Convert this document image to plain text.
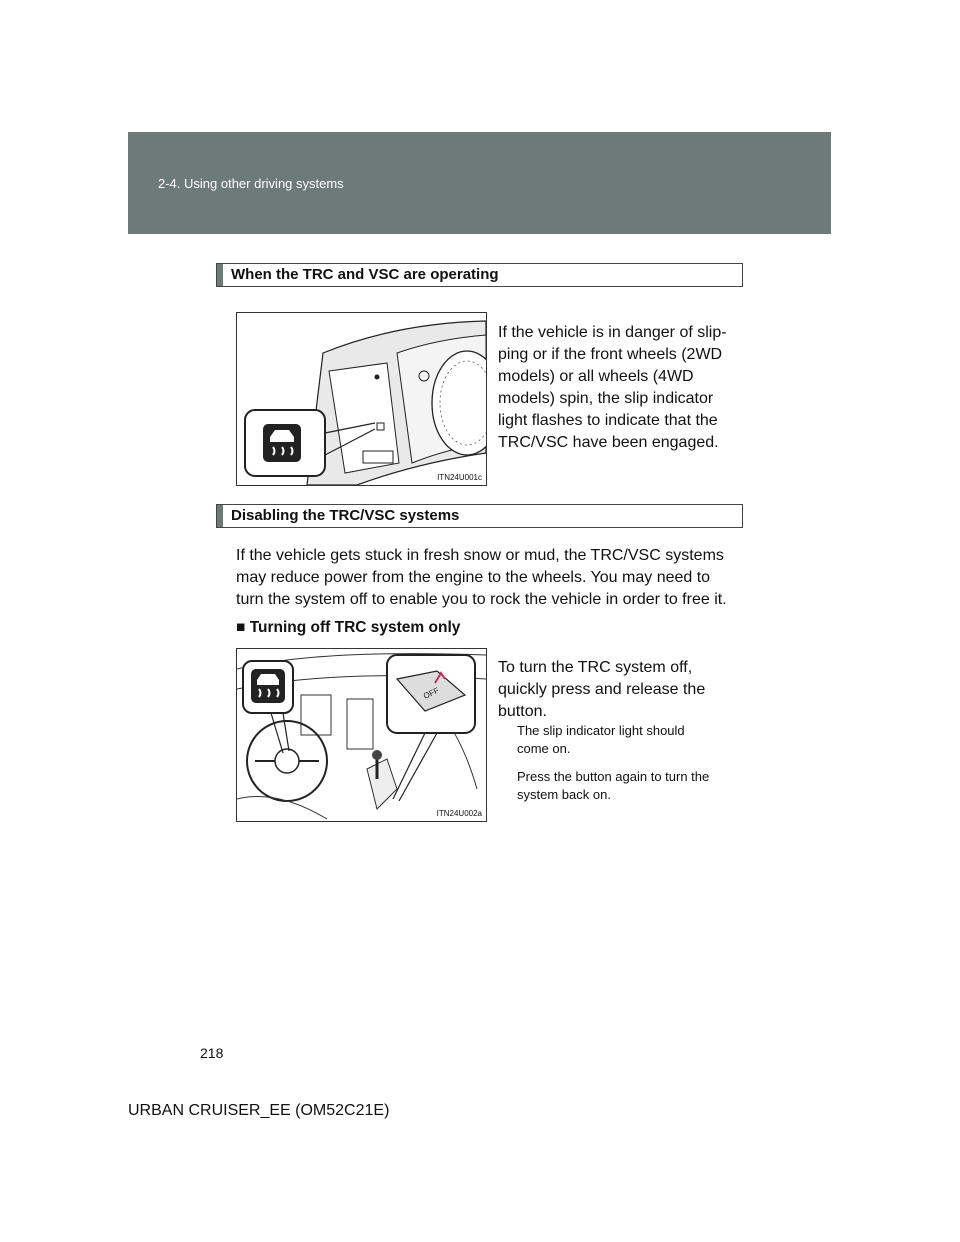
2-4. Using other driving systems
When the TRC and VSC are operating
ITN24U001c
If the vehicle is in danger of slip-
ping or if the front wheels (2WD
models) or all wheels (4WD
models) spin, the slip indicator
light flashes to indicate that the
TRC/VSC have been engaged.
Disabling the TRC/VSC systems
If the vehicle gets stuck in fresh snow or mud, the TRC/VSC systems
may reduce power from the engine to the wheels. You may need to
turn the system off to enable you to rock the vehicle in order to free it.
■ Turning off TRC system only
OFF
ITN24U002a
To turn the TRC system off,
quickly press and release the
button.
The slip indicator light should
come on.
Press the button again to turn the
system back on.
218
URBAN CRUISER_EE (OM52C21E)
